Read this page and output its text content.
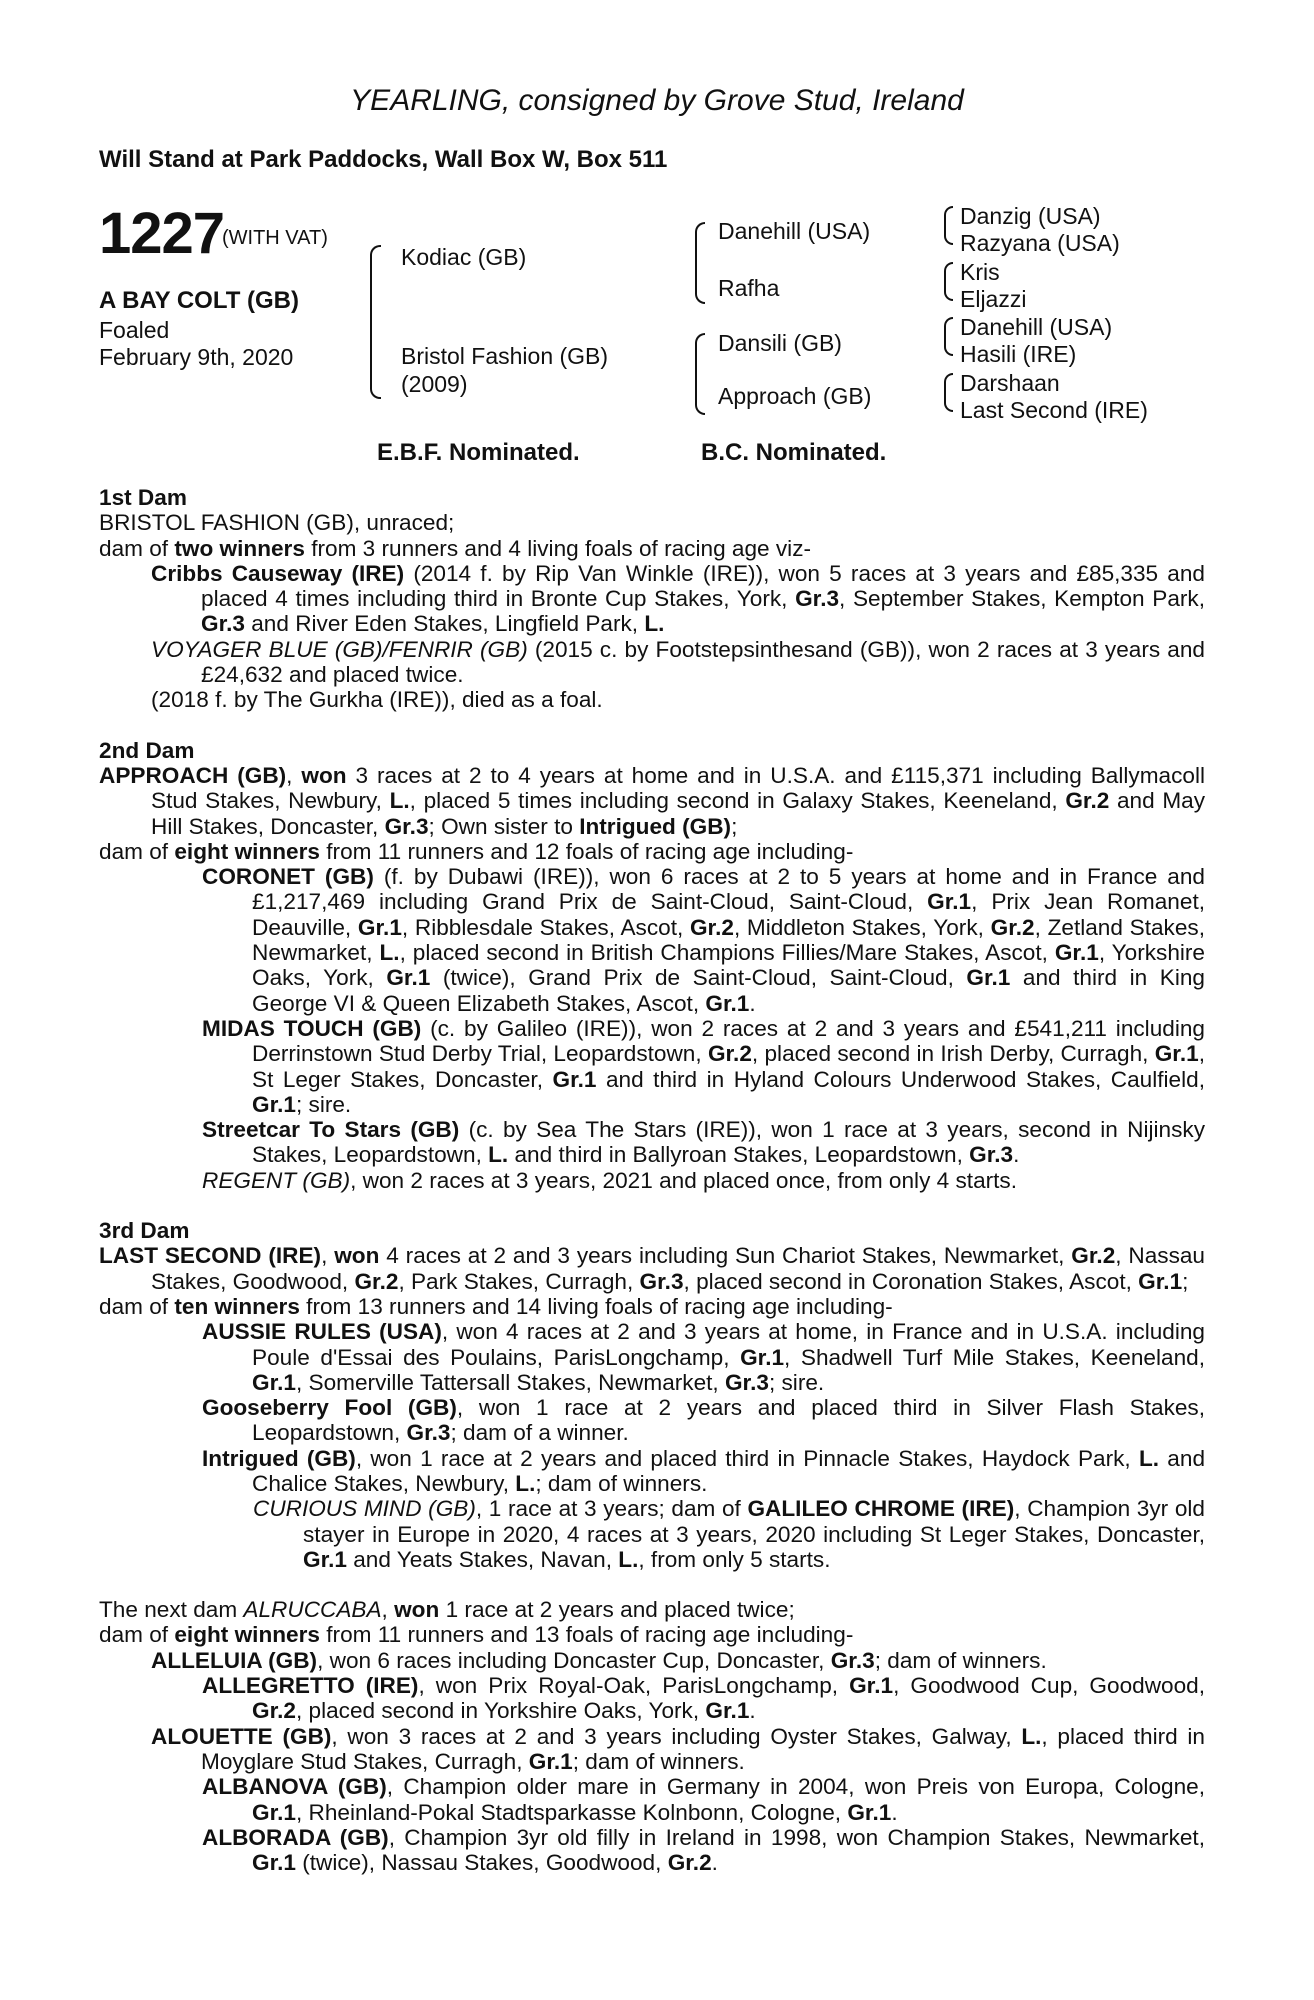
YEARLING, consigned by Grove Stud, Ireland
Will Stand at Park Paddocks, Wall Box W, Box 511
1227
(WITH VAT)
A BAY COLT (GB)
Foaled
February 9th, 2020
Kodiac (GB)
Bristol Fashion (GB)
(2009)
Danehill (USA)
Rafha
Dansili (GB)
Approach (GB)
Danzig (USA)
Razyana (USA)
Kris
Eljazzi
Danehill (USA)
Hasili (IRE)
Darshaan
Last Second (IRE)
E.B.F. Nominated.	B.C. Nominated.
1st Dam
BRISTOL FASHION (GB), unraced;
dam of two winners from 3 runners and 4 living foals of racing age viz-
Cribbs Causeway (IRE) (2014 f. by Rip Van Winkle (IRE)), won 5 races at 3 years and £85,335 and placed 4 times including third in Bronte Cup Stakes, York, Gr.3, September Stakes, Kempton Park, Gr.3 and River Eden Stakes, Lingfield Park, L.
VOYAGER BLUE (GB)/FENRIR (GB) (2015 c. by Footstepsinthesand (GB)), won 2 races at 3 years and £24,632 and placed twice.
(2018 f. by The Gurkha (IRE)), died as a foal.
2nd Dam
APPROACH (GB), won 3 races at 2 to 4 years at home and in U.S.A. and £115,371 including Ballymacoll Stud Stakes, Newbury, L., placed 5 times including second in Galaxy Stakes, Keeneland, Gr.2 and May Hill Stakes, Doncaster, Gr.3; Own sister to Intrigued (GB);
dam of eight winners from 11 runners and 12 foals of racing age including-
CORONET (GB) (f. by Dubawi (IRE)), won 6 races at 2 to 5 years at home and in France and £1,217,469 including Grand Prix de Saint-Cloud, Saint-Cloud, Gr.1, Prix Jean Romanet, Deauville, Gr.1, Ribblesdale Stakes, Ascot, Gr.2, Middleton Stakes, York, Gr.2, Zetland Stakes, Newmarket, L., placed second in British Champions Fillies/Mare Stakes, Ascot, Gr.1, Yorkshire Oaks, York, Gr.1 (twice), Grand Prix de Saint-Cloud, Saint-Cloud, Gr.1 and third in King George VI & Queen Elizabeth Stakes, Ascot, Gr.1.
MIDAS TOUCH (GB) (c. by Galileo (IRE)), won 2 races at 2 and 3 years and £541,211 including Derrinstown Stud Derby Trial, Leopardstown, Gr.2, placed second in Irish Derby, Curragh, Gr.1, St Leger Stakes, Doncaster, Gr.1 and third in Hyland Colours Underwood Stakes, Caulfield, Gr.1; sire.
Streetcar To Stars (GB) (c. by Sea The Stars (IRE)), won 1 race at 3 years, second in Nijinsky Stakes, Leopardstown, L. and third in Ballyroan Stakes, Leopardstown, Gr.3.
REGENT (GB), won 2 races at 3 years, 2021 and placed once, from only 4 starts.
3rd Dam
LAST SECOND (IRE), won 4 races at 2 and 3 years including Sun Chariot Stakes, Newmarket, Gr.2, Nassau Stakes, Goodwood, Gr.2, Park Stakes, Curragh, Gr.3, placed second in Coronation Stakes, Ascot, Gr.1;
dam of ten winners from 13 runners and 14 living foals of racing age including-
AUSSIE RULES (USA), won 4 races at 2 and 3 years at home, in France and in U.S.A. including Poule d'Essai des Poulains, ParisLongchamp, Gr.1, Shadwell Turf Mile Stakes, Keeneland, Gr.1, Somerville Tattersall Stakes, Newmarket, Gr.3; sire.
Gooseberry Fool (GB), won 1 race at 2 years and placed third in Silver Flash Stakes, Leopardstown, Gr.3; dam of a winner.
Intrigued (GB), won 1 race at 2 years and placed third in Pinnacle Stakes, Haydock Park, L. and Chalice Stakes, Newbury, L.; dam of winners.
CURIOUS MIND (GB), 1 race at 3 years; dam of GALILEO CHROME (IRE), Champion 3yr old stayer in Europe in 2020, 4 races at 3 years, 2020 including St Leger Stakes, Doncaster, Gr.1 and Yeats Stakes, Navan, L., from only 5 starts.
The next dam ALRUCCABA, won 1 race at 2 years and placed twice;
dam of eight winners from 11 runners and 13 foals of racing age including-
ALLELUIA (GB), won 6 races including Doncaster Cup, Doncaster, Gr.3; dam of winners.
ALLEGRETTO (IRE), won Prix Royal-Oak, ParisLongchamp, Gr.1, Goodwood Cup, Goodwood, Gr.2, placed second in Yorkshire Oaks, York, Gr.1.
ALOUETTE (GB), won 3 races at 2 and 3 years including Oyster Stakes, Galway, L., placed third in Moyglare Stud Stakes, Curragh, Gr.1; dam of winners.
ALBANOVA (GB), Champion older mare in Germany in 2004, won Preis von Europa, Cologne, Gr.1, Rheinland-Pokal Stadtsparkasse Kolnbonn, Cologne, Gr.1.
ALBORADA (GB), Champion 3yr old filly in Ireland in 1998, won Champion Stakes, Newmarket, Gr.1 (twice), Nassau Stakes, Goodwood, Gr.2.
